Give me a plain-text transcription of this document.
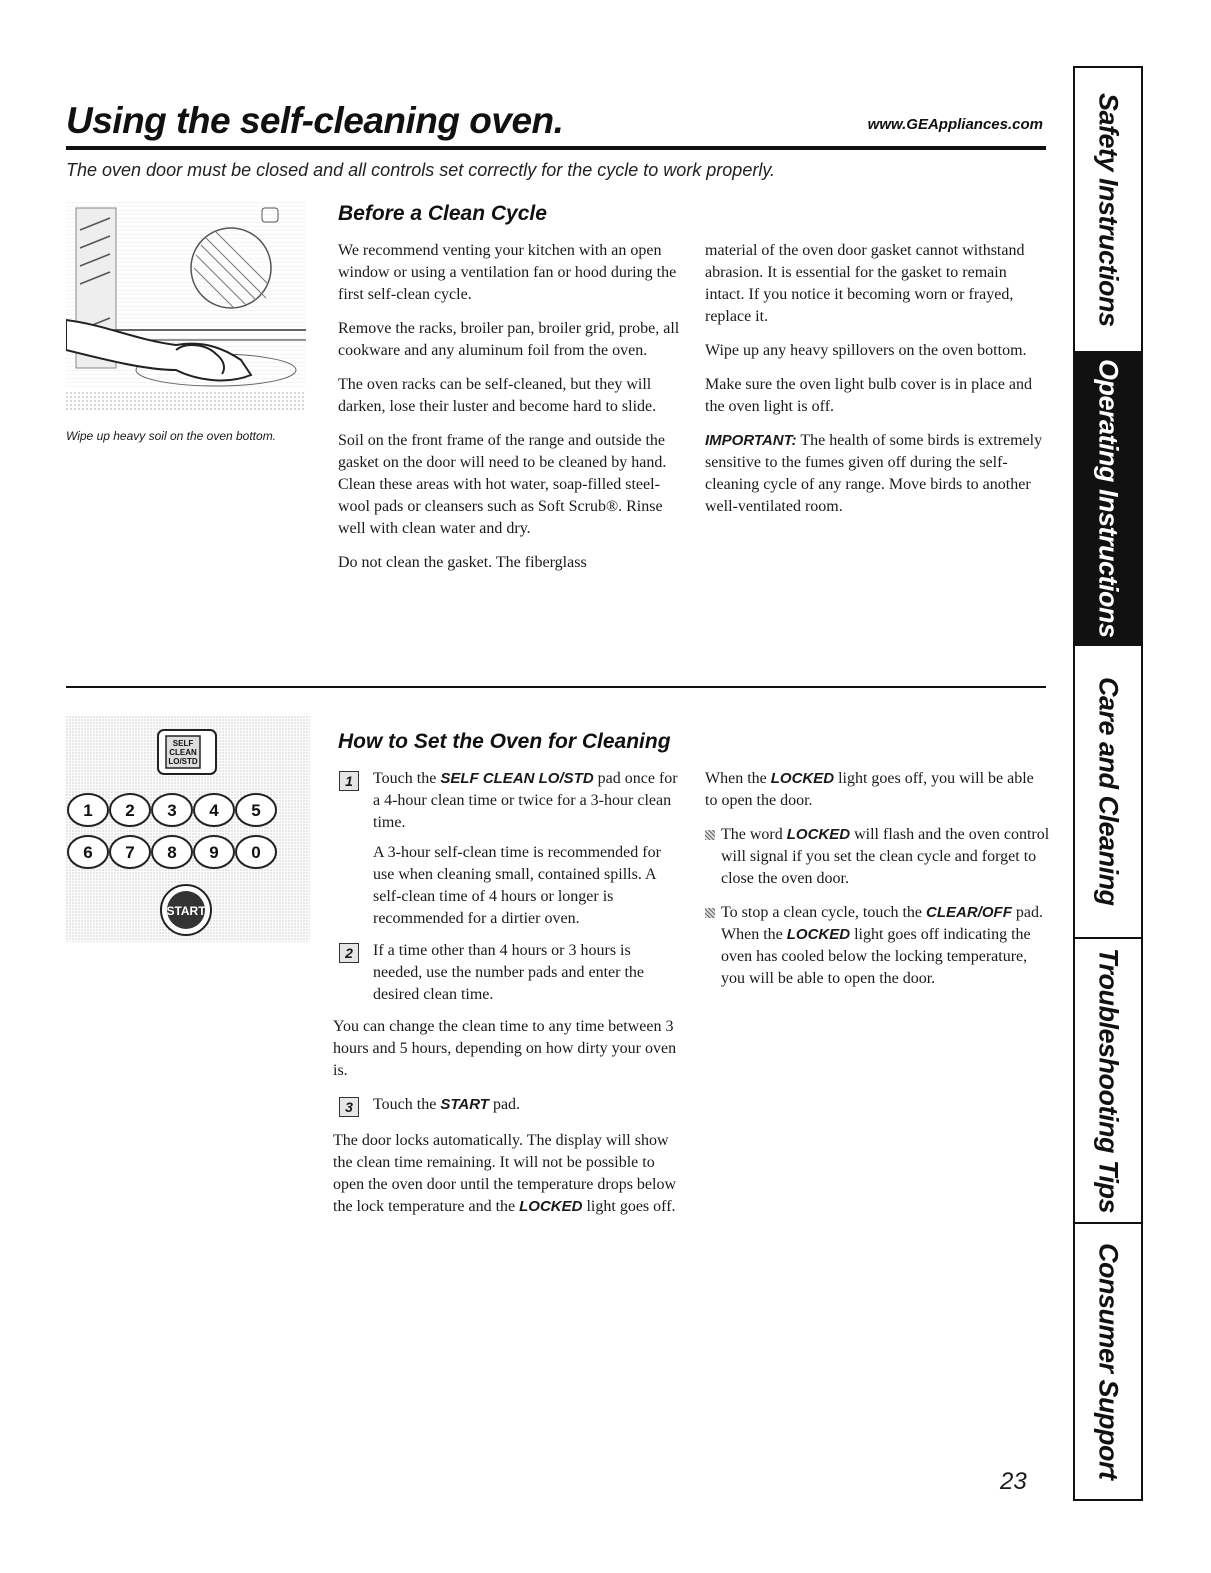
Using the self-cleaning oven.	www.GEAppliances.com
The oven door must be closed and all controls set correctly for the cycle to work properly.
Wipe up heavy soil on the oven bottom.
Before a Clean Cycle

We recommend venting your kitchen with an open window or using a ventilation fan or hood during the first self-clean cycle.

Remove the racks, broiler pan, broiler grid, probe, all cookware and any aluminum foil from the oven.

The oven racks can be self-cleaned, but they will darken, lose their luster and become hard to slide.

Soil on the front frame of the range and outside the gasket on the door will need to be cleaned by hand. Clean these areas with hot water, soap-filled steel-wool pads or cleansers such as Soft Scrub®. Rinse well with clean water and dry.

Do not clean the gasket. The fiberglass

material of the oven door gasket cannot withstand abrasion. It is essential for the gasket to remain intact. If you notice it becoming worn or frayed, replace it.

Wipe up any heavy spillovers on the oven bottom.

Make sure the oven light bulb cover is in place and the oven light is off.

IMPORTANT: The health of some birds is extremely sensitive to the fumes given off during the self-cleaning cycle of any range. Move birds to another well-ventilated room.

SELF
CLEAN
LO/STD
1 2 3 4 5
6 7 8 9 0
START
How to Set the Oven for Cleaning
1	Touch the SELF CLEAN LO/STD pad once for a 4-hour clean time or twice for a 3-hour clean time.

A 3-hour self-clean time is recommended for use when cleaning small, contained spills. A self-clean time of 4 hours or longer is recommended for a dirtier oven.

2	If a time other than 4 hours or 3 hours is needed, use the number pads and enter the desired clean time.

You can change the clean time to any time between 3 hours and 5 hours, depending on how dirty your oven is.

3	Touch the START pad.

The door locks automatically. The display will show the clean time remaining. It will not be possible to open the oven door until the temperature drops below the lock temperature and the LOCKED light goes off.

When the LOCKED light goes off, you will be able to open the door.

The word LOCKED will flash and the oven control will signal if you set the clean cycle and forget to close the oven door.
To stop a clean cycle, touch the CLEAR/OFF pad. When the LOCKED light goes off indicating the oven has cooled below the locking temperature, you will be able to open the door.
Safety Instructions
Operating Instructions
Care and Cleaning
Troubleshooting Tips
Consumer Support
23
